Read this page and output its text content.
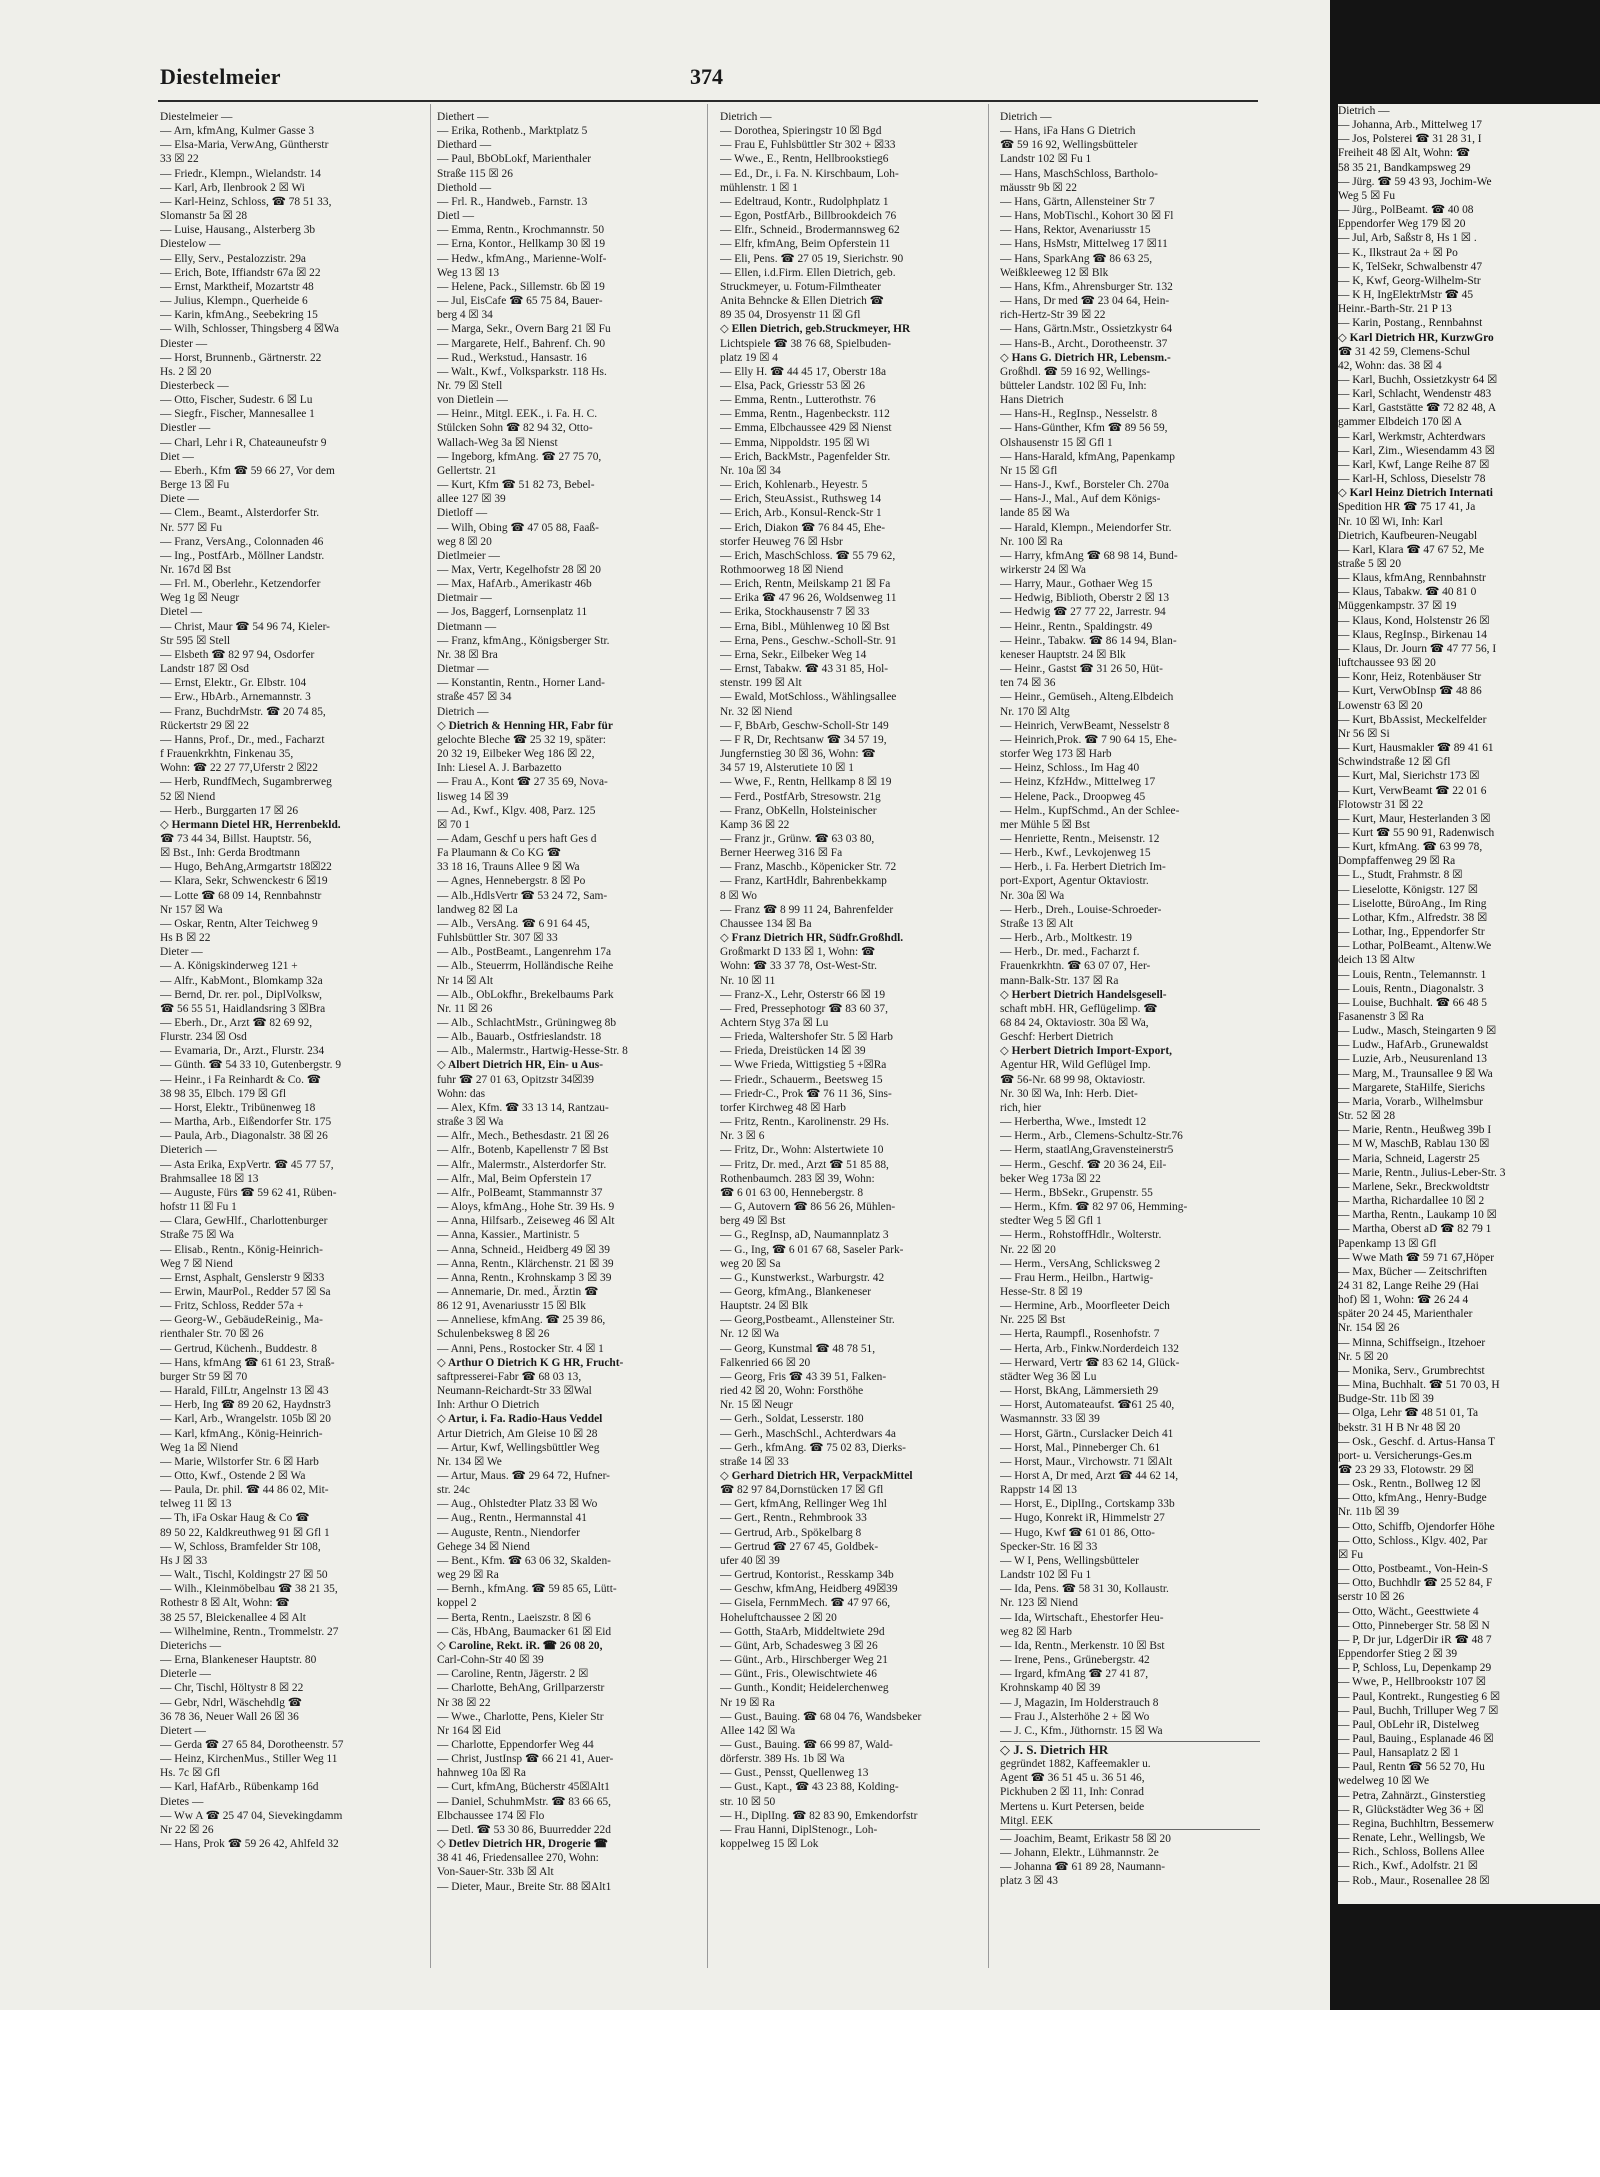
Diestelmeier	374
Diestelmeier —
— Arn, kfmAng, Kulmer Gasse 3
— Elsa-Maria, VerwAng, Güntherstr
33 ☒ 22
— Friedr., Klempn., Wielandstr. 14
— Karl, Arb, Ilenbrook 2 ☒ Wi
— Karl-Heinz, Schloss, ☎ 78 51 33,
Slomanstr 5a ☒ 28
— Luise, Hausang., Alsterberg 3b
Diestelow —
— Elly, Serv., Pestalozzistr. 29a
— Erich, Bote, Iffiandstr 67a ☒ 22
— Ernst, Marktheif, Mozartstr 48
— Julius, Klempn., Querheide 6
— Karin, kfmAng., Seebekring 15
— Wilh, Schlosser, Thingsberg 4 ☒Wa
Diester —
— Horst, Brunnenb., Gärtnerstr. 22
Hs. 2 ☒ 20
Diesterbeck —
— Otto, Fischer, Sudestr. 6 ☒ Lu
— Siegfr., Fischer, Mannesallee 1
Diestler —
— Charl, Lehr i R, Chateauneufstr 9
Diet —
— Eberh., Kfm ☎ 59 66 27, Vor dem
Berge 13 ☒ Fu
Diete —
— Clem., Beamt., Alsterdorfer Str.
Nr. 577 ☒ Fu
— Franz, VersAng., Colonnaden 46
— Ing., PostfArb., Möllner Landstr.
Nr. 167d ☒ Bst
— Frl. M., Oberlehr., Ketzendorfer
Weg 1g ☒ Neugr
Dietel —
— Christ, Maur ☎ 54 96 74, Kieler-
Str 595 ☒ Stell
— Elsbeth ☎ 82 97 94, Osdorfer
Landstr 187 ☒ Osd
— Ernst, Elektr., Gr. Elbstr. 104
— Erw., HbArb., Arnemannstr. 3
— Franz, BuchdrMstr. ☎ 20 74 85,
Rückertstr 29 ☒ 22
— Hanns, Prof., Dr., med., Facharzt
f Frauenkrkhtn, Finkenau 35,
Wohn: ☎ 22 27 77,Uferstr 2 ☒22
— Herb, RundfMech, Sugambrerweg
52 ☒ Niend
— Herb., Burggarten 17 ☒ 26
◇ Hermann Dietel HR, Herrenbekld.
☎ 73 44 34, Billst. Hauptstr. 56,
☒ Bst., Inh: Gerda Brodtmann
— Hugo, BehAng,Armgartstr 18☒22
— Klara, Sekr, Schwenckestr 6 ☒19
— Lotte ☎ 68 09 14, Rennbahnstr
Nr 157 ☒ Wa
— Oskar, Rentn, Alter Teichweg 9
Hs B ☒ 22
Dieter —
— A. Königskinderweg 121 +
— Alfr., KabMont., Blomkamp 32a
— Bernd, Dr. rer. pol., DiplVolksw,
☎ 56 55 51, Haidlandsring 3 ☒Bra
— Eberh., Dr., Arzt ☎ 82 69 92,
Flurstr. 234 ☒ Osd
— Evamaria, Dr., Arzt., Flurstr. 234
— Günth. ☎ 54 33 10, Gutenbergstr. 9
— Heinr., i Fa Reinhardt & Co. ☎
38 98 35, Elbch. 179 ☒ Gfl
— Horst, Elektr., Tribünenweg 18
— Martha, Arb., Eißendorfer Str. 175
— Paula, Arb., Diagonalstr. 38 ☒ 26
Dieterich —
— Asta Erika, ExpVertr. ☎ 45 77 57,
Brahmsallee 18 ☒ 13
— Auguste, Fürs ☎ 59 62 41, Rüben-
hofstr 11 ☒ Fu 1
— Clara, GewHlf., Charlottenburger
Straße 75 ☒ Wa
— Elisab., Rentn., König-Heinrich-
Weg 7 ☒ Niend
— Ernst, Asphalt, Genslerstr 9 ☒33
— Erwin, MaurPol., Redder 57 ☒ Sa
— Fritz, Schloss, Redder 57a +
— Georg-W., GebäudeReinig., Ma-
rienthaler Str. 70 ☒ 26
— Gertrud, Küchenh., Buddestr. 8
— Hans, kfmAng ☎ 61 61 23, Straß-
burger Str 59 ☒ 70
— Harald, FilLtr, Angelnstr 13 ☒ 43
— Herb, Ing ☎ 89 20 62, Haydnstr3
— Karl, Arb., Wrangelstr. 105b ☒ 20
— Karl, kfmAng., König-Heinrich-
Weg 1a ☒ Niend
— Marie, Wilstorfer Str. 6 ☒ Harb
— Otto, Kwf., Ostende 2 ☒ Wa
— Paula, Dr. phil. ☎ 44 86 02, Mit-
telweg 11 ☒ 13
— Th, iFa Oskar Haug & Co ☎
89 50 22, Kaldkreuthweg 91 ☒ Gfl 1
— W, Schloss, Bramfelder Str 108,
Hs J ☒ 33
— Walt., Tischl, Koldingstr 27 ☒ 50
— Wilh., Kleinmöbelbau ☎ 38 21 35,
Rothestr 8 ☒ Alt, Wohn: ☎
38 25 57, Bleickenallee 4 ☒ Alt
— Wilhelmine, Rentn., Trommelstr. 27
Dieterichs —
— Erna, Blankeneser Hauptstr. 80
Dieterle —
— Chr, Tischl, Höltystr 8 ☒ 22
— Gebr, Ndrl, Wäschehdlg ☎
36 78 36, Neuer Wall 26 ☒ 36
Dietert —
— Gerda ☎ 27 65 84, Dorotheenstr. 57
— Heinz, KirchenMus., Stiller Weg 11
Hs. 7c ☒ Gfl
— Karl, HafArb., Rübenkamp 16d
Dietes —
— Ww A ☎ 25 47 04, Sievekingdamm
Nr 22 ☒ 26
— Hans, Prok ☎ 59 26 42, Ahlfeld 32
Diethert —
— Erika, Rothenb., Marktplatz 5
Diethard —
— Paul, BbObLokf, Marienthaler
Straße 115 ☒ 26
Diethold —
— Frl. R., Handweb., Farnstr. 13
Dietl —
— Emma, Rentn., Krochmannstr. 50
— Erna, Kontor., Hellkamp 30 ☒ 19
— Hedw., kfmAng., Marienne-Wolf-
Weg 13 ☒ 13
— Helene, Pack., Sillemstr. 6b ☒ 19
— Jul, EisCafe ☎ 65 75 84, Bauer-
berg 4 ☒ 34
— Marga, Sekr., Overn Barg 21 ☒ Fu
— Margarete, Helf., Bahrenf. Ch. 90
— Rud., Werkstud., Hansastr. 16
— Walt., Kwf., Volksparkstr. 118 Hs.
Nr. 79 ☒ Stell
von Dietlein —
— Heinr., Mitgl. EEK., i. Fa. H. C.
Stülcken Sohn ☎ 82 94 32, Otto-
Wallach-Weg 3a ☒ Nienst
— Ingeborg, kfmAng. ☎ 27 75 70,
Gellertstr. 21
— Kurt, Kfm ☎ 51 82 73, Bebel-
allee 127 ☒ 39
Dietloff —
— Wilh, Obing ☎ 47 05 88, Faaß-
weg 8 ☒ 20
Dietlmeier —
— Max, Vertr, Kegelhofstr 28 ☒ 20
— Max, HafArb., Amerikastr 46b
Dietmair —
— Jos, Baggerf, Lornsenplatz 11
Dietmann —
— Franz, kfmAng., Königsberger Str.
Nr. 38 ☒ Bra
Dietmar —
— Konstantin, Rentn., Horner Land-
straße 457 ☒ 34
Dietrich —
◇ Dietrich & Henning HR, Fabr für
gelochte Bleche ☎ 25 32 19, später:
20 32 19, Eilbeker Weg 186 ☒ 22,
Inh: Liesel A. J. Barbazetto
— Frau A., Kont ☎ 27 35 69, Nova-
lisweg 14 ☒ 39
— Ad., Kwf., Klgv. 408, Parz. 125
☒ 70 1
— Adam, Geschf u pers haft Ges d
Fa Plaumann & Co KG ☎
33 18 16, Trauns Allee 9 ☒ Wa
— Agnes, Hennebergstr. 8 ☒ Po
— Alb.,HdlsVertr ☎ 53 24 72, Sam-
landweg 82 ☒ La
— Alb., VersAng. ☎ 6 91 64 45,
Fuhlsbüttler Str. 307 ☒ 33
— Alb., PostBeamt., Langenrehm 17a
— Alb., Steuerrm, Holländische Reihe
Nr 14 ☒ Alt
— Alb., ObLokfhr., Brekelbaums Park
Nr. 11 ☒ 26
— Alb., SchlachtMstr., Grüningweg 8b
— Alb., Bauarb., Ostfrieslandstr. 18
— Alb., Malermstr., Hartwig-Hesse-Str. 8
◇ Albert Dietrich HR, Ein- u Aus-
fuhr ☎ 27 01 63, Opitzstr 34☒39
Wohn: das
— Alex, Kfm. ☎ 33 13 14, Rantzau-
straße 3 ☒ Wa
— Alfr., Mech., Bethesdastr. 21 ☒ 26
— Alfr., Botenb, Kapellenstr 7 ☒ Bst
— Alfr., Malermstr., Alsterdorfer Str.
— Alfr., Mal, Beim Opferstein 17
— Alfr., PolBeamt, Stammannstr 37
— Aloys, kfmAng., Hohe Str. 39 Hs. 9
— Anna, Hilfsarb., Zeiseweg 46 ☒ Alt
— Anna, Kassier., Martinistr. 5
— Anna, Schneid., Heidberg 49 ☒ 39
— Anna, Rentn., Klärchenstr. 21 ☒ 39
— Anna, Rentn., Krohnskamp 3 ☒ 39
— Annemarie, Dr. med., Ärztin ☎
86 12 91, Avenariusstr 15 ☒ Blk
— Anneliese, kfmAng. ☎ 25 39 86,
Schulenbeksweg 8 ☒ 26
— Anni, Pens., Rostocker Str. 4 ☒ 1
◇ Arthur O Dietrich K G HR, Frucht-
saftpresserei-Fabr ☎ 68 03 13,
Neumann-Reichardt-Str 33 ☒Wal
Inh: Arthur O Dietrich
◇ Artur, i. Fa. Radio-Haus Veddel
Artur Dietrich, Am Gleise 10 ☒ 28
— Artur, Kwf, Wellingsbüttler Weg
Nr. 134 ☒ We
— Artur, Maus. ☎ 29 64 72, Hufner-
str. 24c
— Aug., Ohlstedter Platz 33 ☒ Wo
— Aug., Rentn., Hermannstal 41
— Auguste, Rentn., Niendorfer
Gehege 34 ☒ Niend
— Bent., Kfm. ☎ 63 06 32, Skalden-
weg 29 ☒ Ra
— Bernh., kfmAng. ☎ 59 85 65, Lütt-
koppel 2
— Berta, Rentn., Laeiszstr. 8 ☒ 6
— Cäs, HbAng, Baumacker 61 ☒ Eid
◇ Caroline, Rekt. iR. ☎ 26 08 20,
Carl-Cohn-Str 40 ☒ 39
— Caroline, Rentn, Jägerstr. 2 ☒
— Charlotte, BehAng, Grillparzerstr
Nr 38 ☒ 22
— Wwe., Charlotte, Pens, Kieler Str
Nr 164 ☒ Eid
— Charlotte, Eppendorfer Weg 44
— Christ, JustInsp ☎ 66 21 41, Auer-
hahnweg 10a ☒ Ra
— Curt, kfmAng, Bücherstr 45☒Alt1
— Daniel, SchuhmMstr. ☎ 83 66 65,
Elbchaussee 174 ☒ Flo
— Detl. ☎ 53 30 86, Buurredder 22d
◇ Detlev Dietrich HR, Drogerie ☎
38 41 46, Friedensallee 270, Wohn:
Von-Sauer-Str. 33b ☒ Alt
— Dieter, Maur., Breite Str. 88 ☒Alt1
Dietrich —
— Dorothea, Spieringstr 10 ☒ Bgd
— Frau E, Fuhlsbüttler Str 302 + ☒33
— Wwe., E., Rentn, Hellbrookstieg6
— Ed., Dr., i. Fa. N. Kirschbaum, Loh-
mühlenstr. 1 ☒ 1
— Edeltraud, Kontr., Rudolphplatz 1
— Egon, PostfArb., Billbrookdeich 76
— Elfr., Schneid., Brodermannsweg 62
— Elfr, kfmAng, Beim Opferstein 11
— Eli, Pens. ☎ 27 05 19, Sierichstr. 90
— Ellen, i.d.Firm. Ellen Dietrich, geb.
Struckmeyer, u. Fotum-Filmtheater
Anita Behncke & Ellen Dietrich ☎
89 35 04, Drosyenstr 11 ☒ Gfl
◇ Ellen Dietrich, geb.Struckmeyer, HR
Lichtspiele ☎ 38 76 68, Spielbuden-
platz 19 ☒ 4
— Elly H. ☎ 44 45 17, Oberstr 18a
— Elsa, Pack, Griesstr 53 ☒ 26
— Emma, Rentn., Lutterothstr. 76
— Emma, Rentn., Hagenbeckstr. 112
— Emma, Elbchaussee 429 ☒ Nienst
— Emma, Nippoldstr. 195 ☒ Wi
— Erich, BackMstr., Pagenfelder Str.
Nr. 10a ☒ 34
— Erich, Kohlenarb., Heyestr. 5
— Erich, SteuAssist., Ruthsweg 14
— Erich, Arb., Konsul-Renck-Str 1
— Erich, Diakon ☎ 76 84 45, Ehe-
storfer Heuweg 76 ☒ Hsbr
— Erich, MaschSchloss. ☎ 55 79 62,
Rothmoorweg 18 ☒ Niend
— Erich, Rentn, Meilskamp 21 ☒ Fa
— Erika ☎ 47 96 26, Woldsenweg 11
— Erika, Stockhausenstr 7 ☒ 33
— Erna, Bibl., Mühlenweg 10 ☒ Bst
— Erna, Pens., Geschw.-Scholl-Str. 91
— Erna, Sekr., Eilbeker Weg 14
— Ernst, Tabakw. ☎ 43 31 85, Hol-
stenstr. 199 ☒ Alt
— Ewald, MotSchloss., Wählingsallee
Nr. 32 ☒ Niend
— F, BbArb, Geschw-Scholl-Str 149
— F R, Dr, Rechtsanw ☎ 34 57 19,
Jungfernstieg 30 ☒ 36, Wohn: ☎
34 57 19, Alsterutiete 10 ☒ 1
— Wwe, F., Rentn, Hellkamp 8 ☒ 19
— Ferd., PostfArb, Stresowstr. 21g
— Franz, ObKelln, Holsteinischer
Kamp 36 ☒ 22
— Franz jr., Grünw. ☎ 63 03 80,
Berner Heerweg 316 ☒ Fa
— Franz, Maschb., Köpenicker Str. 72
— Franz, KartHdlr, Bahrenbekkamp
8 ☒ Wo
— Franz ☎ 8 99 11 24, Bahrenfelder
Chaussee 134 ☒ Ba
◇ Franz Dietrich HR, Südfr.Großhdl.
Großmarkt D 133 ☒ 1, Wohn: ☎
Wohn: ☎ 33 37 78, Ost-West-Str.
Nr. 10 ☒ 11
— Franz-X., Lehr, Osterstr 66 ☒ 19
— Fred, Pressephotogr ☎ 83 60 37,
Achtern Styg 37a ☒ Lu
— Frieda, Waltershofer Str. 5 ☒ Harb
— Frieda, Dreistücken 14 ☒ 39
— Wwe Frieda, Wittigstieg 5 +☒Ra
— Friedr., Schauerm., Beetsweg 15
— Friedr-C., Prok ☎ 76 11 36, Sins-
torfer Kirchweg 48 ☒ Harb
— Fritz, Rentn., Karolinenstr. 29 Hs.
Nr. 3 ☒ 6
— Fritz, Dr., Wohn: Alstertwiete 10
— Fritz, Dr. med., Arzt ☎ 51 85 88,
Rothenbaumch. 283 ☒ 39, Wohn:
☎ 6 01 63 00, Hennebergstr. 8
— G, Autovern ☎ 86 56 26, Mühlen-
berg 49 ☒ Bst
— G., RegInsp, aD, Naumannplatz 3
— G., Ing, ☎ 6 01 67 68, Saseler Park-
weg 20 ☒ Sa
— G., Kunstwerkst., Warburgstr. 42
— Georg, kfmAng., Blankeneser
Hauptstr. 24 ☒ Blk
— Georg,Postbeamt., Allensteiner Str.
Nr. 12 ☒ Wa
— Georg, Kunstmal ☎ 48 78 51,
Falkenried 66 ☒ 20
— Georg, Fris ☎ 43 39 51, Falken-
ried 42 ☒ 20, Wohn: Forsthöhe
Nr. 15 ☒ Neugr
— Gerh., Soldat, Lesserstr. 180
— Gerh., MaschSchl., Achterdwars 4a
— Gerh., kfmAng. ☎ 75 02 83, Dierks-
straße 14 ☒ 33
◇ Gerhard Dietrich HR, VerpackMittel
☎ 82 97 84,Dornstücken 17 ☒ Gfl
— Gert, kfmAng, Rellinger Weg 1hl
— Gert., Rentn., Rehmbrook 33
— Gertrud, Arb., Spökelbarg 8
— Gertrud ☎ 27 67 45, Goldbek-
ufer 40 ☒ 39
— Gertrud, Kontorist., Resskamp 34b
— Geschw, kfmAng, Heidberg 49☒39
— Gisela, FernmMech. ☎ 47 97 66,
Hoheluftchaussee 2 ☒ 20
— Gotth, StaArb, Middeltwiete 29d
— Günt, Arb, Schadesweg 3 ☒ 26
— Günt., Arb., Hirschberger Weg 21
— Günt., Fris., Olewischtwiete 46
— Gunth., Kondit; Heidelerchenweg
Nr 19 ☒ Ra
— Gust., Bauing. ☎ 68 04 76, Wandsbeker
Allee 142 ☒ Wa
— Gust., Bauing. ☎ 66 99 87, Wald-
dörferstr. 389 Hs. 1b ☒ Wa
— Gust., Pensst, Quellenweg 13
— Gust., Kapt., ☎ 43 23 88, Kolding-
str. 10 ☒ 50
— H., DiplIng. ☎ 82 83 90, Emkendorfstr
— Frau Hanni, DiplStenogr., Loh-
koppelweg 15 ☒ Lok
Dietrich —
— Hans, iFa Hans G Dietrich
☎ 59 16 92, Wellingsbütteler
Landstr 102 ☒ Fu 1
— Hans, MaschSchloss, Bartholo-
mäusstr 9b ☒ 22
— Hans, Gärtn, Allensteiner Str 7
— Hans, MobTischl., Kohort 30 ☒ Fl
— Hans, Rektor, Avenariusstr 15
— Hans, HsMstr, Mittelweg 17 ☒11
— Hans, SparkAng ☎ 86 63 25,
Weißkleeweg 12 ☒ Blk
— Hans, Kfm., Ahrensburger Str. 132
— Hans, Dr med ☎ 23 04 64, Hein-
rich-Hertz-Str 39 ☒ 22
— Hans, Gärtn.Mstr., Ossietzkystr 64
— Hans-B., Archt., Dorotheenstr. 37
◇ Hans G. Dietrich HR, Lebensm.-
Großhdl. ☎ 59 16 92, Wellings-
bütteler Landstr. 102 ☒ Fu, Inh:
Hans Dietrich
— Hans-H., RegInsp., Nesselstr. 8
— Hans-Günther, Kfm ☎ 89 56 59,
Olshausenstr 15 ☒ Gfl 1
— Hans-Harald, kfmAng, Papenkamp
Nr 15 ☒ Gfl
— Hans-J., Kwf., Borsteler Ch. 270a
— Hans-J., Mal., Auf dem Königs-
lande 85 ☒ Wa
— Harald, Klempn., Meiendorfer Str.
Nr. 100 ☒ Ra
— Harry, kfmAng ☎ 68 98 14, Bund-
wirkerstr 24 ☒ Wa
— Harry, Maur., Gothaer Weg 15
— Hedwig, Biblioth, Oberstr 2 ☒ 13
— Hedwig ☎ 27 77 22, Jarrestr. 94
— Heinr., Rentn., Spaldingstr. 49
— Heinr., Tabakw. ☎ 86 14 94, Blan-
keneser Hauptstr. 24 ☒ Blk
— Heinr., Gastst ☎ 31 26 50, Hüt-
ten 74 ☒ 36
— Heinr., Gemüseh., Alteng.Elbdeich
Nr. 170 ☒ Altg
— Heinrich, VerwBeamt, Nesselstr 8
— Heinrich,Prok. ☎ 7 90 64 15, Ehe-
storfer Weg 173 ☒ Harb
— Heinz, Schloss., Im Hag 40
— Heinz, KfzHdw., Mittelweg 17
— Helene, Pack., Droopweg 45
— Helm., KupfSchmd., An der Schlee-
mer Mühle 5 ☒ Bst
— Henriette, Rentn., Meisenstr. 12
— Herb., Kwf., Levkojenweg 15
— Herb., i. Fa. Herbert Dietrich Im-
port-Export, Agentur Oktaviostr.
Nr. 30a ☒ Wa
— Herb., Dreh., Louise-Schroeder-
Straße 13 ☒ Alt
— Herb., Arb., Moltkestr. 19
— Herb., Dr. med., Facharzt f.
Frauenkrkhtn. ☎ 63 07 07, Her-
mann-Balk-Str. 137 ☒ Ra
◇ Herbert Dietrich Handelsgesell-
schaft mbH. HR, Geflügelimp. ☎
68 84 24, Oktaviostr. 30a ☒ Wa,
Geschf: Herbert Dietrich
◇ Herbert Dietrich Import-Export,
Agentur HR, Wild Geflügel Imp.
☎ 56-Nr. 68 99 98, Oktaviostr.
Nr. 30 ☒ Wa, Inh: Herb. Diet-
rich, hier
— Herbertha, Wwe., Imstedt 12
— Herm., Arb., Clemens-Schultz-Str.76
— Herm, staatlAng,Gravensteinerstr5
— Herm., Geschf. ☎ 20 36 24, Eil-
beker Weg 173a ☒ 22
— Herm., BbSekr., Grupenstr. 55
— Herm., Kfm. ☎ 82 97 06, Hemming-
stedter Weg 5 ☒ Gfl 1
— Herm., RohstoffHdlr., Wolterstr.
Nr. 22 ☒ 20
— Herm., VersAng, Schlicksweg 2
— Frau Herm., Heilbn., Hartwig-
Hesse-Str. 8 ☒ 19
— Hermine, Arb., Moorfleeter Deich
Nr. 225 ☒ Bst
— Herta, Raumpfl., Rosenhofstr. 7
— Herta, Arb., Finkw.Norderdeich 132
— Herward, Vertr ☎ 83 62 14, Glück-
städter Weg 36 ☒ Lu
— Horst, BkAng, Lämmersieth 29
— Horst, Automateaufst. ☎61 25 40,
Wasmannstr. 33 ☒ 39
— Horst, Gärtn., Curslacker Deich 41
— Horst, Mal., Pinneberger Ch. 61
— Horst, Maur., Virchowstr. 71 ☒Alt
— Horst A, Dr med, Arzt ☎ 44 62 14,
Rappstr 14 ☒ 13
— Horst, E., DiplIng., Cortskamp 33b
— Hugo, Konrekt iR, Himmelstr 27
— Hugo, Kwf ☎ 61 01 86, Otto-
Specker-Str. 16 ☒ 33
— W I, Pens, Wellingsbütteler
Landstr 102 ☒ Fu 1
— Ida, Pens. ☎ 58 31 30, Kollaustr.
Nr. 123 ☒ Niend
— Ida, Wirtschaft., Ehestorfer Heu-
weg 82 ☒ Harb
— Ida, Rentn., Merkenstr. 10 ☒ Bst
— Irene, Pens., Grünebergstr. 42
— Irgard, kfmAng ☎ 27 41 87,
Krohnskamp 40 ☒ 39
— J, Magazin, Im Holderstrauch 8
— Frau J., Alsterhöhe 2 + ☒ Wo
— J. C., Kfm., Jüthornstr. 15 ☒ Wa
◇ J. S. Dietrich HR
gegründet 1882, Kaffeemakler u.
Agent ☎ 36 51 45 u. 36 51 46,
Pickhuben 2 ☒ 11, Inh: Conrad
Mertens u. Kurt Petersen, beide
Mitgl. EEK
— Joachim, Beamt, Erikastr 58 ☒ 20
— Johann, Elektr., Lühmannstr. 2e
— Johanna ☎ 61 89 28, Naumann-
platz 3 ☒ 43
Dietrich —
— Johanna, Arb., Mittelweg 17
— Jos, Polsterei ☎ 31 28 31, I
Freiheit 48 ☒ Alt, Wohn: ☎
58 35 21, Bandkampsweg 29
— Jürg. ☎ 59 43 93, Jochim-We
Weg 5 ☒ Fu
— Jürg., PolBeamt. ☎ 40 08
Eppendorfer Weg 179 ☒ 20
— Jul, Arb, Saßstr 8, Hs 1 ☒ .
— K., Ilkstraut 2a + ☒ Po
— K, TelSekr, Schwalbenstr 47
— K, Kwf, Georg-Wilhelm-Str
— K H, IngElektrMstr ☎ 45
Heinr.-Barth-Str. 21 P 13
— Karin, Postang., Rennbahnst
◇ Karl Dietrich HR, KurzwGro
☎ 31 42 59, Clemens-Schul
42, Wohn: das. 38 ☒ 4
— Karl, Buchh, Ossietzkystr 64 ☒
— Karl, Schlacht, Wendenstr 483
— Karl, Gaststätte ☎ 72 82 48, A
gammer Elbdeich 170 ☒ A
— Karl, Werkmstr, Achterdwars
— Karl, Zim., Wiesendamm 43 ☒
— Karl, Kwf, Lange Reihe 87 ☒
— Karl-H, Schloss, Dieselstr 78
◇ Karl Heinz Dietrich Internati
Spedition HR ☎ 75 17 41, Ja
Nr. 10 ☒ Wi, Inh: Karl
Dietrich, Kaufbeuren-Neugabl
— Karl, Klara ☎ 47 67 52, Me
straße 5 ☒ 20
— Klaus, kfmAng, Rennbahnstr
— Klaus, Tabakw. ☎ 40 81 0
Müggenkampstr. 37 ☒ 19
— Klaus, Kond, Holstenstr 26 ☒
— Klaus, RegInsp., Birkenau 14
— Klaus, Dr. Journ ☎ 47 77 56, I
luftchaussee 93 ☒ 20
— Konr, Heiz, Rotenbäuser Str
— Kurt, VerwObInsp ☎ 48 86
Lowenstr 63 ☒ 20
— Kurt, BbAssist, Meckelfelder
Nr 56 ☒ Si
— Kurt, Hausmakler ☎ 89 41 61
Schwindstraße 12 ☒ Gfl
— Kurt, Mal, Sierichstr 173 ☒
— Kurt, VerwBeamt ☎ 22 01 6
Flotowstr 31 ☒ 22
— Kurt, Maur, Hesterlanden 3 ☒
— Kurt ☎ 55 90 91, Radenwisch
— Kurt, kfmAng. ☎ 63 99 78,
Dompfaffenweg 29 ☒ Ra
— L., Studt, Frahmstr. 8 ☒
— Lieselotte, Königstr. 127 ☒
— Liselotte, BüroAng., Im Ring
— Lothar, Kfm., Alfredstr. 38 ☒
— Lothar, Ing., Eppendorfer Str
— Lothar, PolBeamt., Altenw.We
deich 13 ☒ Altw
— Louis, Rentn., Telemannstr. 1
— Louis, Rentn., Diagonalstr. 3
— Louise, Buchhalt. ☎ 66 48 5
Fasanenstr 3 ☒ Ra
— Ludw., Masch, Steingarten 9 ☒
— Ludw., HafArb., Grunewaldst
— Luzie, Arb., Neusurenland 13
— Marg, M., Traunsallee 9 ☒ Wa
— Margarete, StaHilfe, Sierichs
— Maria, Vorarb., Wilhelmsbur
Str. 52 ☒ 28
— Marie, Rentn., Heußweg 39b I
— M W, MaschB, Rablau 130 ☒
— Maria, Schneid, Lagerstr 25
— Marie, Rentn., Julius-Leber-Str. 3
— Marlene, Sekr., Breckwoldtstr
— Martha, Richardallee 10 ☒ 2
— Martha, Rentn., Laukamp 10 ☒
— Martha, Oberst aD ☎ 82 79 1
Papenkamp 13 ☒ Gfl
— Wwe Math ☎ 59 71 67,Höper
— Max, Bücher — Zeitschriften
24 31 82, Lange Reihe 29 (Hai
hof) ☒ 1, Wohn: ☎ 26 24 4
später 20 24 45, Marienthaler
Nr. 154 ☒ 26
— Minna, Schiffseign., Itzehoer
Nr. 5 ☒ 20
— Monika, Serv., Grumbrechtst
— Mina, Buchhalt. ☎ 51 70 03, H
Budge-Str. 11b ☒ 39
— Olga, Lehr ☎ 48 51 01, Ta
bekstr. 31 H B Nr 48 ☒ 20
— Osk., Geschf. d. Artus-Hansa T
port- u. Versicherungs-Ges.m
☎ 23 29 33, Flotowstr. 29 ☒
— Osk., Rentn., Bollweg 12 ☒
— Otto, kfmAng., Henry-Budge
Nr. 11b ☒ 39
— Otto, Schiffb, Ojendorfer Höhe
— Otto, Schloss., Klgv. 402, Par
☒ Fu
— Otto, Postbeamt., Von-Hein-S
— Otto, Buchhdlr ☎ 25 52 84, F
serstr 10 ☒ 26
— Otto, Wächt., Geesttwiete 4
— Otto, Pinneberger Str. 58 ☒ N
— P, Dr jur, LdgerDir iR ☎ 48 7
Eppendorfer Stieg 2 ☒ 39
— P, Schloss, Lu, Depenkamp 29
— Wwe, P., Hellbrookstr 107 ☒
— Paul, Kontrekt., Rungestieg 6 ☒
— Paul, Buchh, Trilluper Weg 7 ☒
— Paul, ObLehr iR, Distelweg
— Paul, Bauing., Esplanade 46 ☒
— Paul, Hansaplatz 2 ☒ 1
— Paul, Rentn ☎ 56 52 70, Hu
wedelweg 10 ☒ We
— Petra, Zahnärzt., Ginsterstieg
— R, Glückstädter Weg 36 + ☒
— Regina, Buchhltrn, Bessemerw
— Renate, Lehr., Wellingsb, We
— Rich., Schloss, Bollens Allee
— Rich., Kwf., Adolfstr. 21 ☒
— Rob., Maur., Rosenallee 28 ☒
